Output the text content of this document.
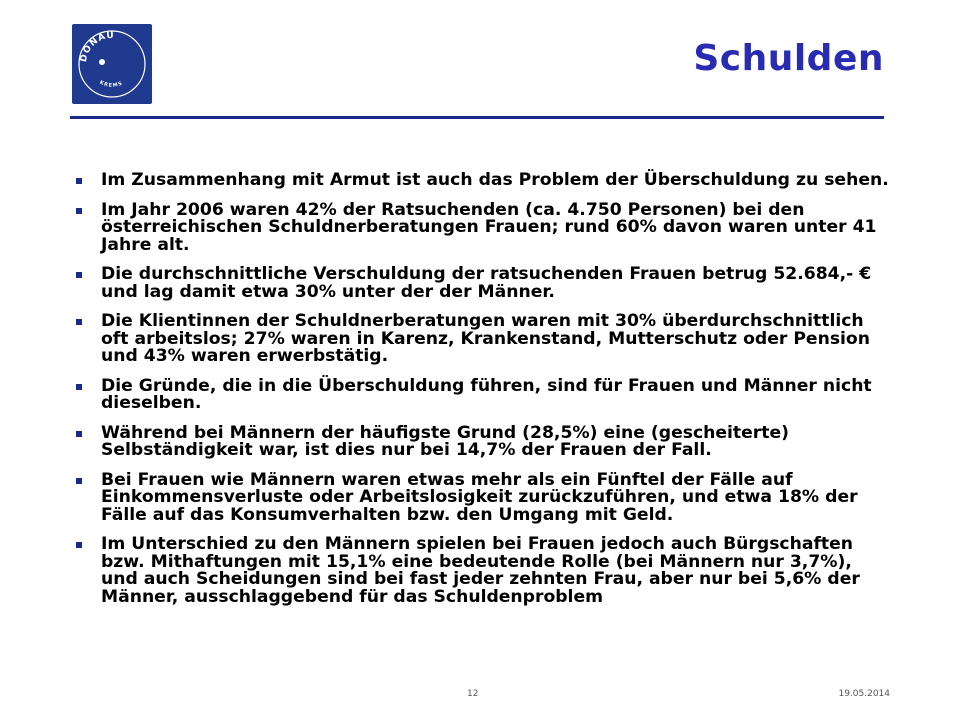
DONAU
KREMS
Schulden
Im Zusammenhang mit Armut ist auch das Problem der Überschuldung zu sehen.
Im Jahr 2006 waren 42% der Ratsuchenden (ca. 4.750 Personen) bei den österreichischen Schuldnerberatungen Frauen; rund 60% davon waren unter 41 Jahre alt.
Die durchschnittliche Verschuldung der ratsuchenden Frauen betrug 52.684,- € und lag damit etwa 30% unter der der Männer.
Die Klientinnen der Schuldnerberatungen waren mit 30% überdurchschnittlich oft arbeitslos; 27% waren in Karenz, Krankenstand, Mutterschutz oder Pension und 43% waren erwerbstätig.
Die Gründe, die in die Überschuldung führen, sind für Frauen und Männer nicht dieselben.
Während bei Männern der häufigste Grund (28,5%) eine (gescheiterte) Selbständigkeit war, ist dies nur bei 14,7% der Frauen der Fall.
Bei Frauen wie Männern waren etwas mehr als ein Fünftel der Fälle auf Einkommensverluste oder Arbeitslosigkeit zurückzuführen, und etwa 18% der Fälle auf das Konsumverhalten bzw. den Umgang mit Geld.
Im Unterschied zu den Männern spielen bei Frauen jedoch auch Bürgschaften bzw. Mithaftungen mit 15,1% eine bedeutende Rolle (bei Männern nur 3,7%), und auch Scheidungen sind bei fast jeder zehnten Frau, aber nur bei 5,6% der Männer, ausschlaggebend für das Schuldenproblem
12	19.05.2014
